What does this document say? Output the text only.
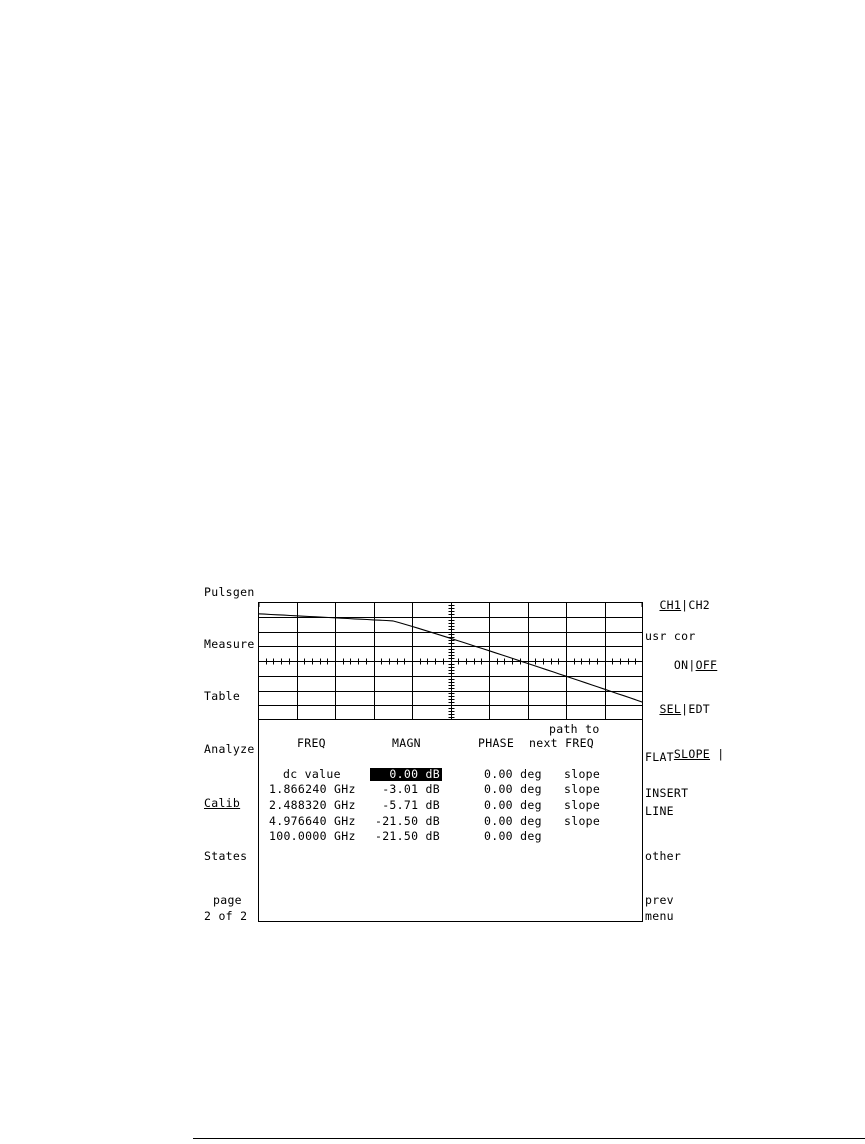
Pulsgen
Measure
Table
Analyze
Calib
States
page
2 of 2

CH1|CH2

usr cor

ON|OFF

SEL|EDT

SLOPE |

FLAT
INSERT
LINE
other
prev
menu
FREQ	MAGN	PHASE
path to
next FREQ
dc value	0.00 dB	0.00 deg slope
1.866240 GHz	-3.01 dB	0.00 deg slope
2.488320 GHz	-5.71 dB	0.00 deg slope
4.976640 GHz	-21.50 dB	0.00 deg slope
100.0000 GHz	-21.50 dB	0.00 deg
